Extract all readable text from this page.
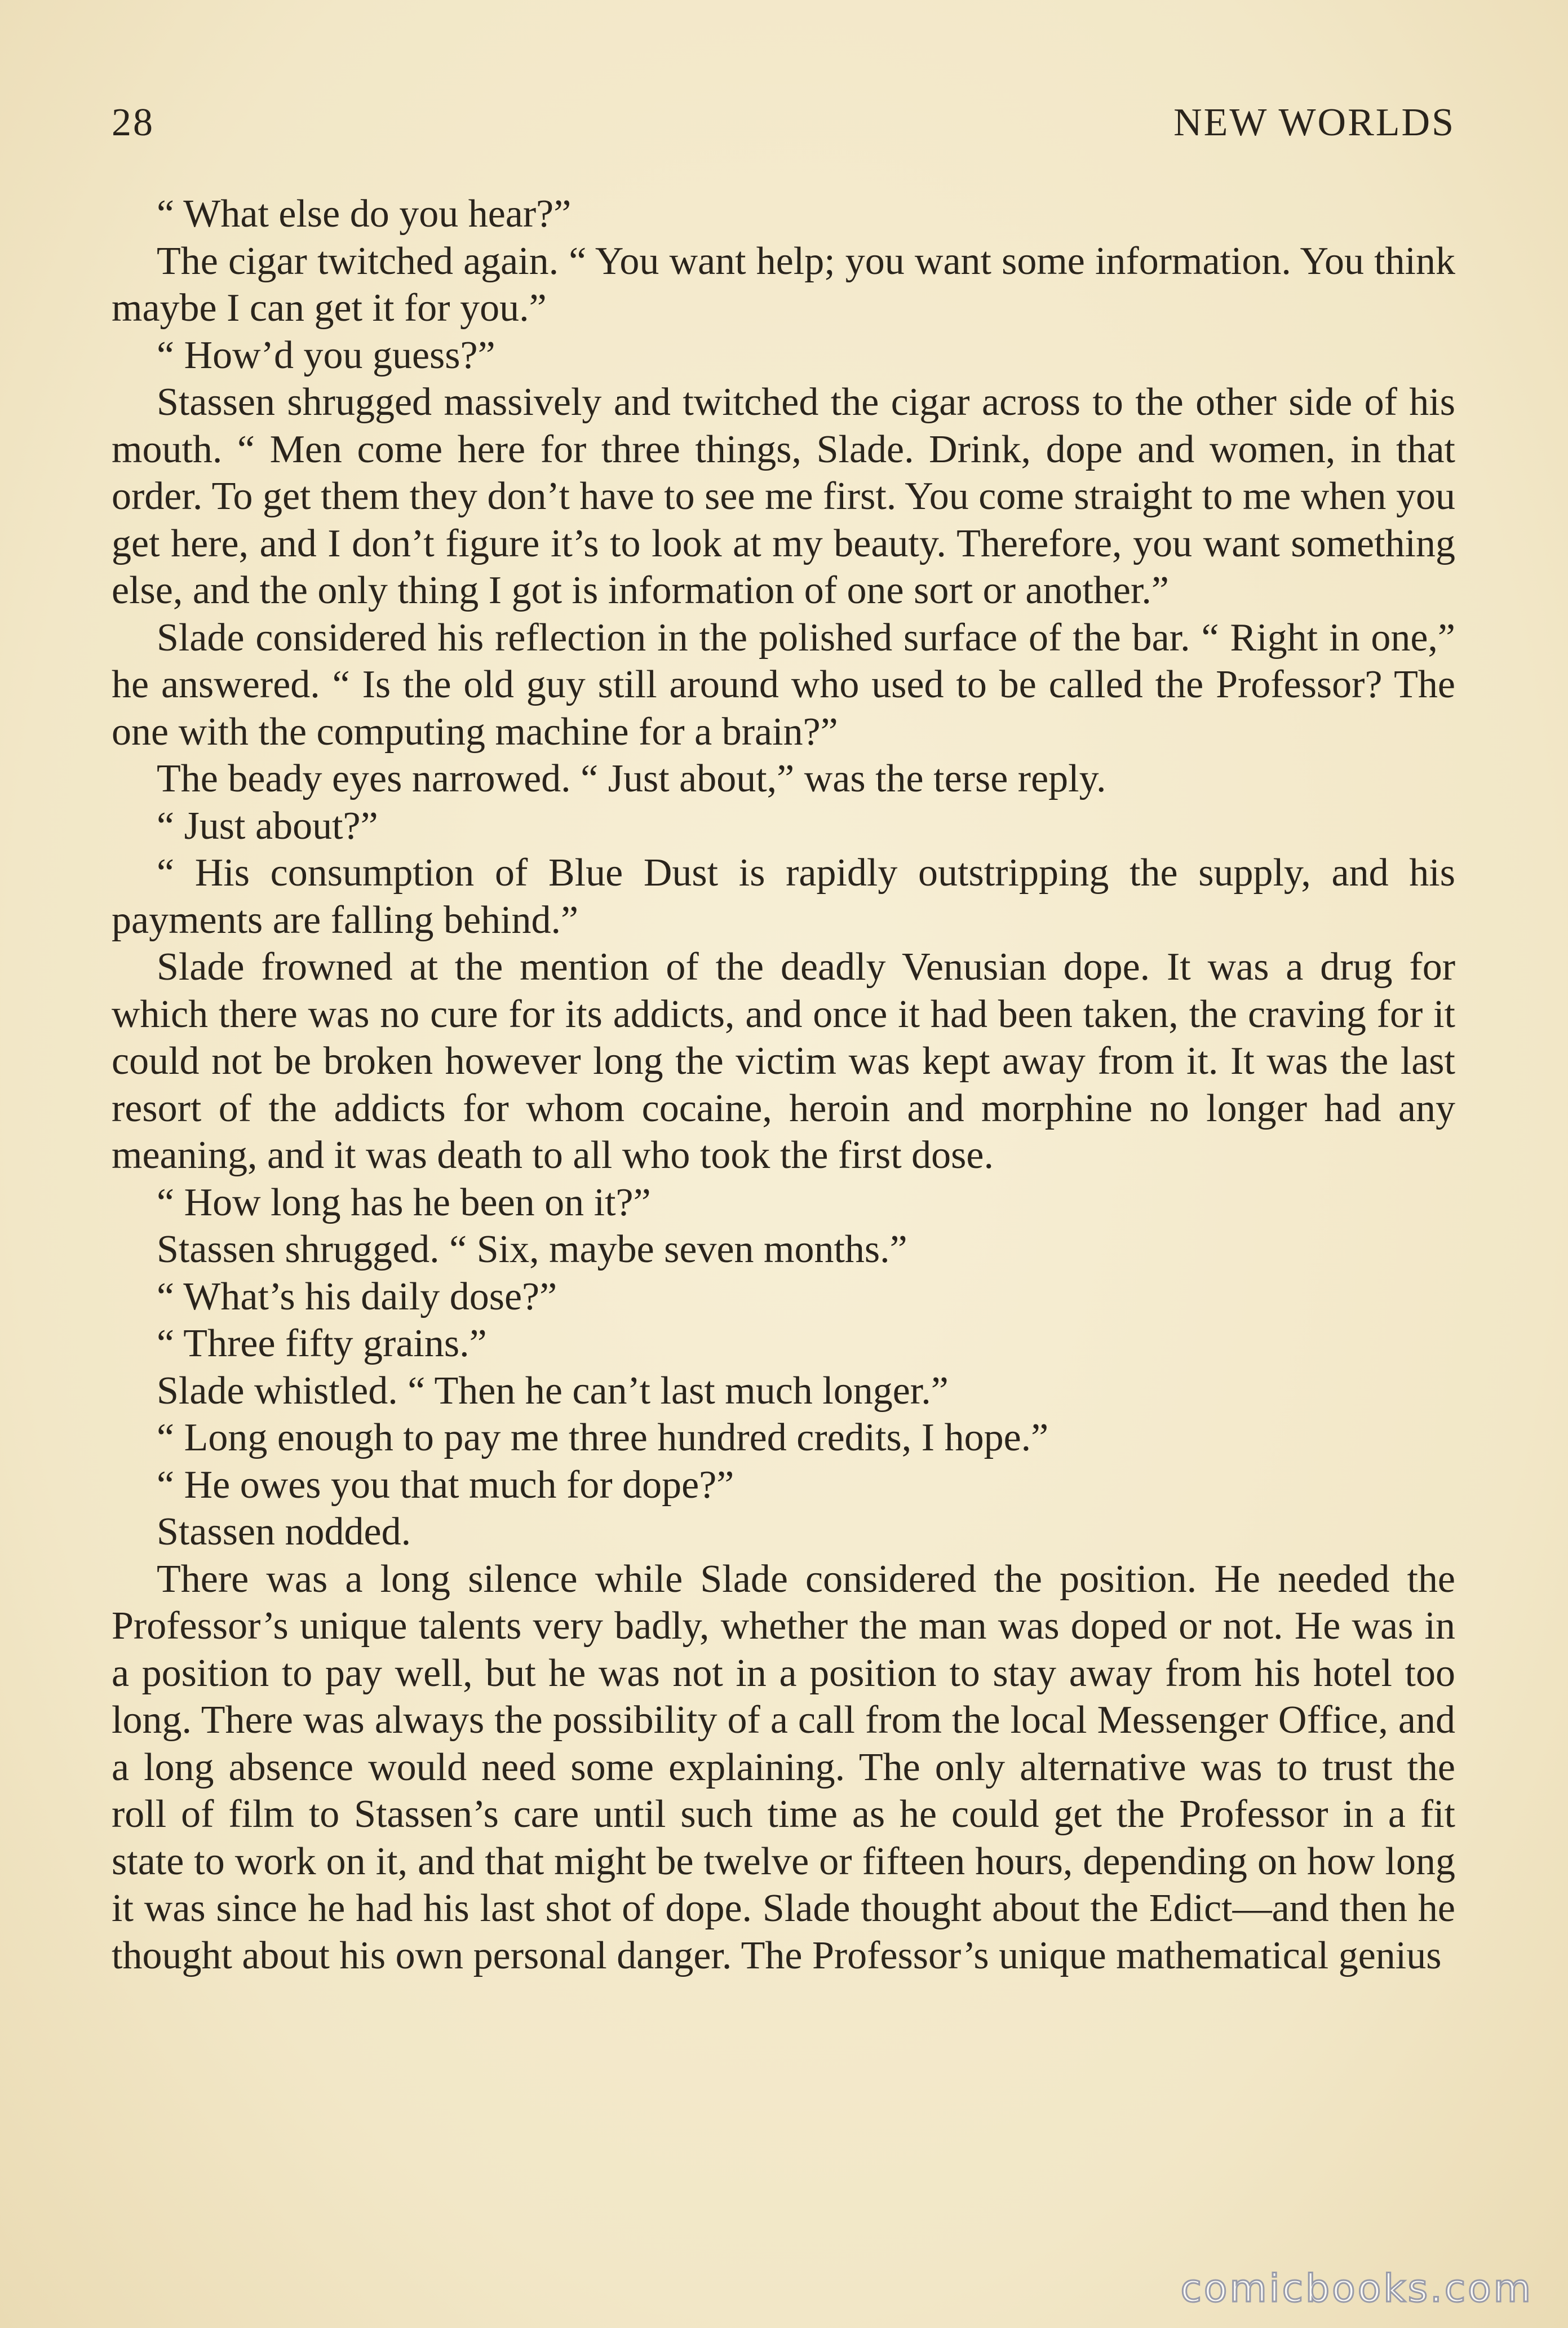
28	NEW WORLDS

“ What else do you hear?”

The cigar twitched again. “ You want help; you want some information. You think maybe I can get it for you.”

“ How’d you guess?”

Stassen shrugged massively and twitched the cigar across to the other side of his mouth. “ Men come here for three things, Slade. Drink, dope and women, in that order. To get them they don’t have to see me first. You come straight to me when you get here, and I don’t figure it’s to look at my beauty. Therefore, you want something else, and the only thing I got is information of one sort or another.”

Slade considered his reflection in the polished surface of the bar. “ Right in one,” he answered. “ Is the old guy still around who used to be called the Professor? The one with the computing machine for a brain?”

The beady eyes narrowed. “ Just about,” was the terse reply.

“ Just about?”

“ His consumption of Blue Dust is rapidly outstripping the supply, and his payments are falling behind.”

Slade frowned at the mention of the deadly Venusian dope. It was a drug for which there was no cure for its addicts, and once it had been taken, the craving for it could not be broken however long the victim was kept away from it. It was the last resort of the addicts for whom cocaine, heroin and morphine no longer had any meaning, and it was death to all who took the first dose.

“ How long has he been on it?”

Stassen shrugged. “ Six, maybe seven months.”

“ What’s his daily dose?”

“ Three fifty grains.”

Slade whistled. “ Then he can’t last much longer.”

“ Long enough to pay me three hundred credits, I hope.”

“ He owes you that much for dope?”

Stassen nodded.

There was a long silence while Slade considered the position. He needed the Professor’s unique talents very badly, whether the man was doped or not. He was in a position to pay well, but he was not in a position to stay away from his hotel too long. There was always the possibility of a call from the local Messenger Office, and a long absence would need some explaining. The only alternative was to trust the roll of film to Stassen’s care until such time as he could get the Professor in a fit state to work on it, and that might be twelve or fifteen hours, depending on how long it was since he had his last shot of dope. Slade thought about the Edict—and then he thought about his own personal danger. The Professor’s unique mathematical genius

comicbooks.com
